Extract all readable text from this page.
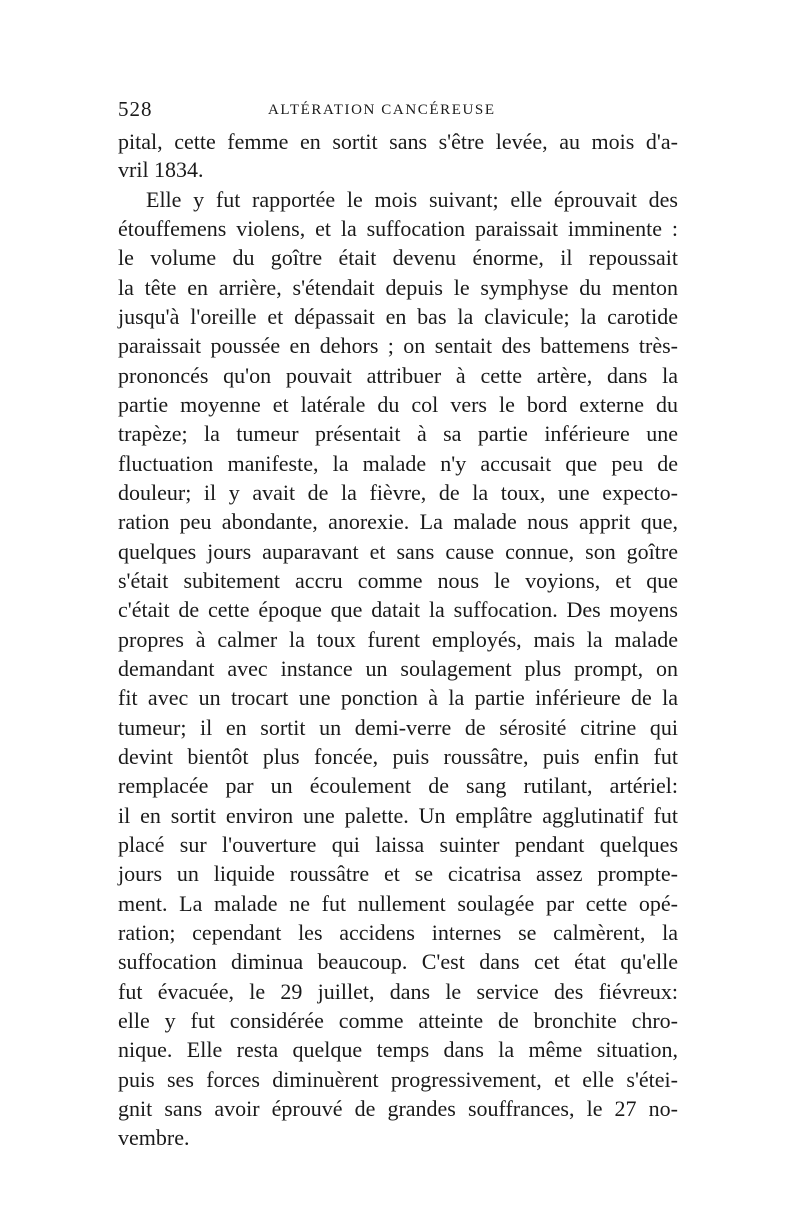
528	ALTÉRATION CANCÉREUSE
pital, cette femme en sortit sans s'être levée, au mois d'a-
vril 1834.
Elle y fut rapportée le mois suivant; elle éprouvait des
étouffemens violens, et la suffocation paraissait imminente :
le volume du goître était devenu énorme, il repoussait
la tête en arrière, s'étendait depuis le symphyse du menton
jusqu'à l'oreille et dépassait en bas la clavicule; la carotide
paraissait poussée en dehors ; on sentait des battemens très-
prononcés qu'on pouvait attribuer à cette artère, dans la
partie moyenne et latérale du col vers le bord externe du
trapèze; la tumeur présentait à sa partie inférieure une
fluctuation manifeste, la malade n'y accusait que peu de
douleur; il y avait de la fièvre, de la toux, une expecto-
ration peu abondante, anorexie. La malade nous apprit que,
quelques jours auparavant et sans cause connue, son goître
s'était subitement accru comme nous le voyions, et que
c'était de cette époque que datait la suffocation. Des moyens
propres à calmer la toux furent employés, mais la malade
demandant avec instance un soulagement plus prompt, on
fit avec un trocart une ponction à la partie inférieure de la
tumeur; il en sortit un demi-verre de sérosité citrine qui
devint bientôt plus foncée, puis roussâtre, puis enfin fut
remplacée par un écoulement de sang rutilant, artériel:
il en sortit environ une palette. Un emplâtre agglutinatif fut
placé sur l'ouverture qui laissa suinter pendant quelques
jours un liquide roussâtre et se cicatrisa assez prompte-
ment. La malade ne fut nullement soulagée par cette opé-
ration; cependant les accidens internes se calmèrent, la
suffocation diminua beaucoup. C'est dans cet état qu'elle
fut évacuée, le 29 juillet, dans le service des fiévreux:
elle y fut considérée comme atteinte de bronchite chro-
nique. Elle resta quelque temps dans la même situation,
puis ses forces diminuèrent progressivement, et elle s'étei-
gnit sans avoir éprouvé de grandes souffrances, le 27 no-
vembre.
